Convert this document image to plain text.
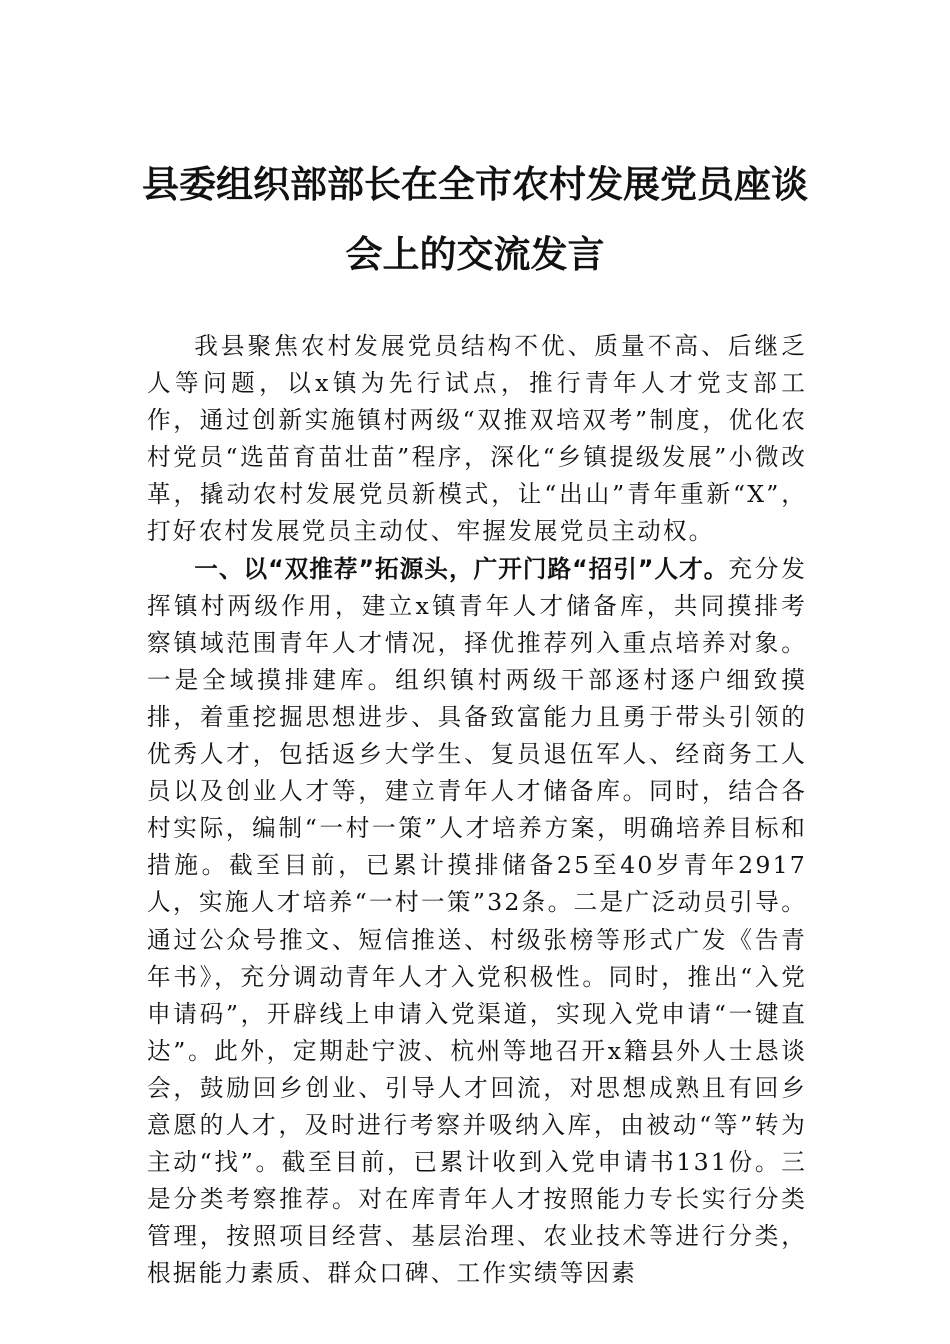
县委组织部部长在全市农村发展党员座谈
会上的交流发言

我县聚焦农村发展党员结构不优、质量不高、后继乏人等问题，以x镇为先行试点，推行青年人才党支部工作，通过创新实施镇村两级“双推双培双考”制度，优化农村党员“选苗育苗壮苗”程序，深化“乡镇提级发展”小微改革，撬动农村发展党员新模式，让“出山”青年重新“X”，打好农村发展党员主动仗、牢握发展党员主动权。

一、以“双推荐”拓源头，广开门路“招引”人才。充分发挥镇村两级作用，建立x镇青年人才储备库，共同摸排考察镇域范围青年人才情况，择优推荐列入重点培养对象。一是全域摸排建库。组织镇村两级干部逐村逐户细致摸排，着重挖掘思想进步、具备致富能力且勇于带头引领的优秀人才，包括返乡大学生、复员退伍军人、经商务工人员以及创业人才等，建立青年人才储备库。同时，结合各村实际，编制“一村一策”人才培养方案，明确培养目标和措施。截至目前，已累计摸排储备25至40岁青年2917人，实施人才培养“一村一策”32条。二是广泛动员引导。通过公众号推文、短信推送、村级张榜等形式广发《告青年书》，充分调动青年人才入党积极性。同时，推出“入党申请码”，开辟线上申请入党渠道，实现入党申请“一键直达”。此外，定期赴宁波、杭州等地召开x籍县外人士恳谈会，鼓励回乡创业、引导人才回流，对思想成熟且有回乡意愿的人才，及时进行考察并吸纳入库，由被动“等”转为主动“找”。截至目前，已累计收到入党申请书131份。三是分类考察推荐。对在库青年人才按照能力专长实行分类管理，按照项目经营、基层治理、农业技术等进行分类，根据能力素质、群众口碑、工作实绩等因素
